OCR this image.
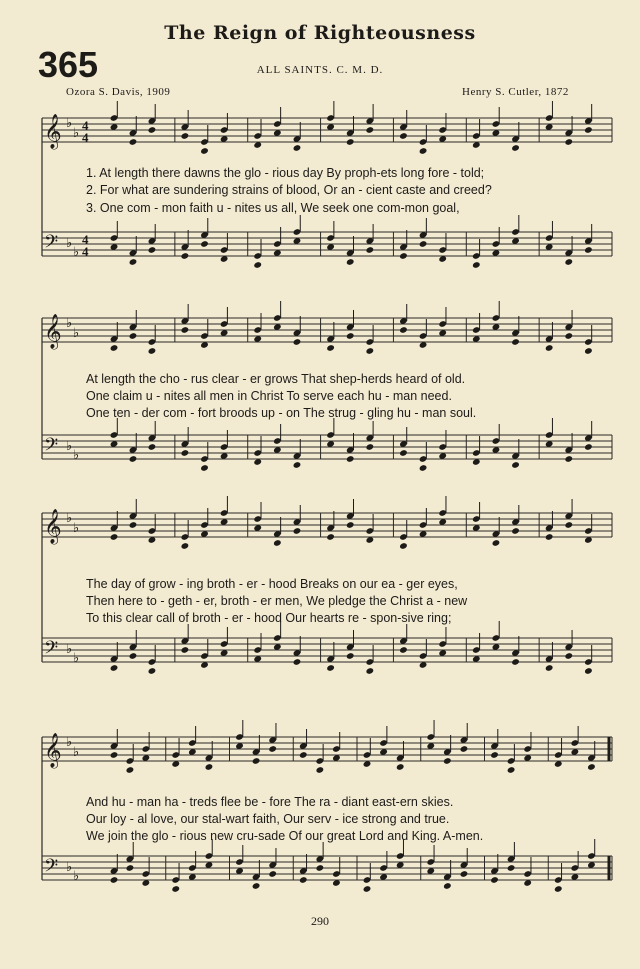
The Reign of Righteousness
365	ALL SAINTS. C. M. D.
Ozora S. Davis, 1909	Henry S. Cutler, 1872
𝄞 ♭
♭
4
4
𝄢 ♭
♭
4
4
𝄞 ♭
♭
𝄢 ♭
♭
𝄞 ♭
♭
𝄢 ♭
♭
𝄞 ♭
♭
𝄢 ♭
♭
1. At length there dawns the glo - rious day By proph-ets long fore - told;
2. For what are sundering strains of blood, Or an - cient caste and creed?
3. One com - mon faith u - nites us all, We seek one com-mon goal,
At length the cho - rus clear - er grows That shep-herds heard of old.
One claim u - nites all men in Christ To serve each hu - man need.
One ten - der com - fort broods up - on The strug - gling hu - man soul.
The day of grow - ing broth - er - hood Breaks on our ea - ger eyes,
Then here to - geth - er, broth - er men, We pledge the Christ a - new
To this clear call of broth - er - hood Our hearts re - spon-sive ring;
And hu - man ha - treds flee be - fore The ra - diant east-ern skies.
Our loy - al love, our stal-wart faith, Our serv - ice strong and true.
We join the glo - rious new cru-sade Of our great Lord and King. A-men.
290
